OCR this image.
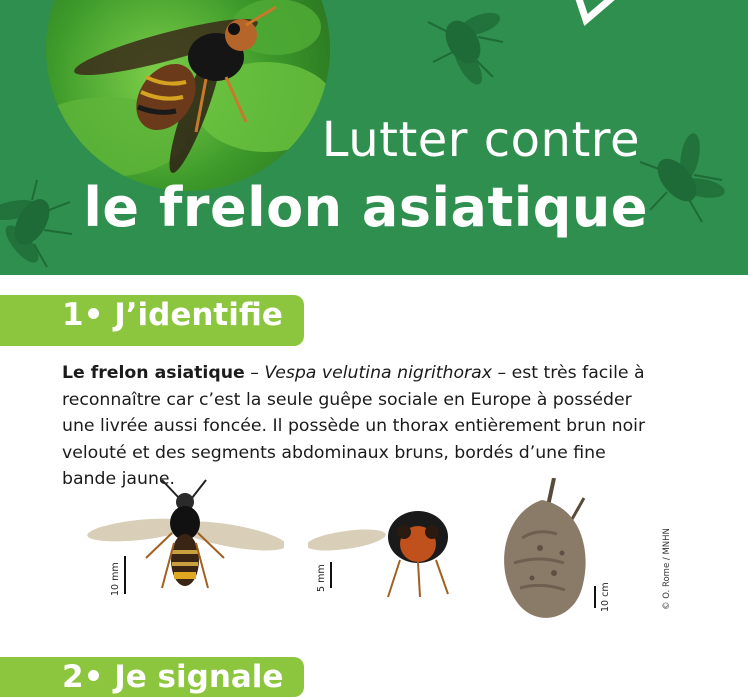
Lutter contre
le frelon asiatique
1• J’identifie
Le frelon asiatique – Vespa velutina nigrithorax – est très facile à reconnaître car c’est la seule guêpe sociale en Europe à posséder une livrée aussi foncée. Il possède un thorax entièrement brun noir velouté et des segments abdominaux bruns, bordés d’une fine bande jaune.
10 mm	5 mm
10 cm	© O. Rome / MNHN
2• Je signale
